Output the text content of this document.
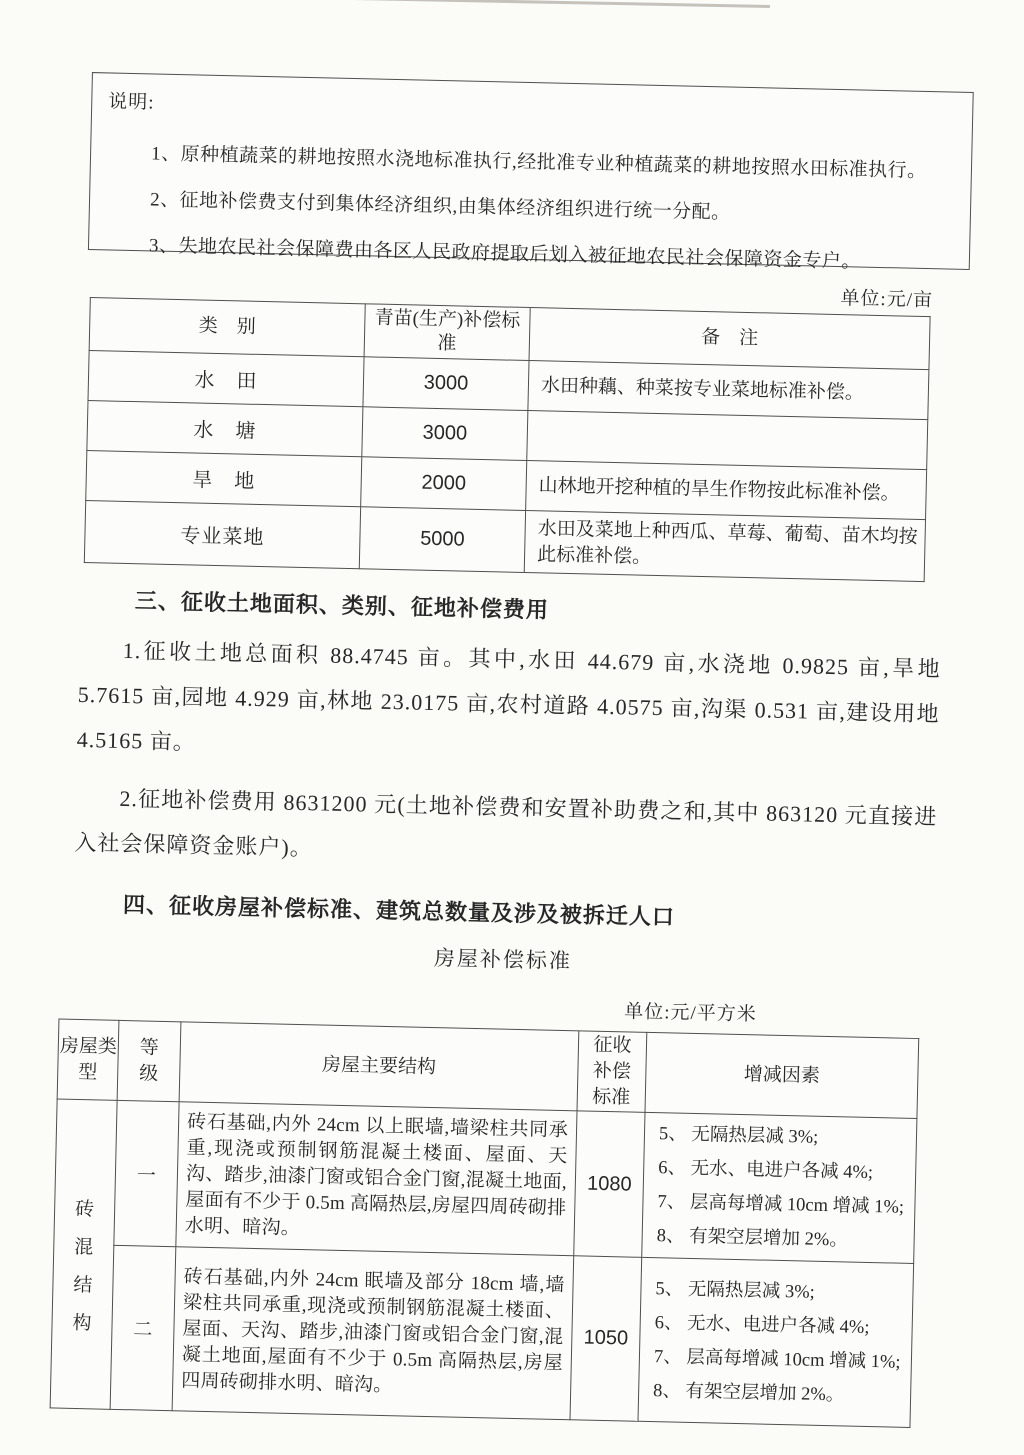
说明:
1、原种植蔬菜的耕地按照水浇地标准执行,经批准专业种植蔬菜的耕地按照水田标准执行。
2、征地补偿费支付到集体经济组织,由集体经济组织进行统一分配。
3、失地农民社会保障费由各区人民政府提取后划入被征地农民社会保障资金专户。
单位:元/亩
类　别	青苗(生产)补偿标准	备　注
水　田	3000	水田种藕、种菜按专业菜地标准补偿。
水　塘	3000	
旱　地	2000	山林地开挖种植的旱生作物按此标准补偿。
专业菜地	5000	水田及菜地上种西瓜、草莓、葡萄、苗木均按此标准补偿。
三、征收土地面积、类别、征地补偿费用
1.征收土地总面积 88.4745 亩。其中,水田 44.679 亩,水浇地 0.9825 亩,旱地 5.7615 亩,园地 4.929 亩,林地 23.0175 亩,农村道路 4.0575 亩,沟渠 0.531 亩,建设用地 4.5165 亩。
2.征地补偿费用 8631200 元(土地补偿费和安置补助费之和,其中 863120 元直接进入社会保障资金账户)。
四、征收房屋补偿标准、建筑总数量及涉及被拆迁人口
房屋补偿标准
单位:元/平方米
房屋类型	等级	房屋主要结构	征收补偿标准	增减因素
砖混结构	一	砖石基础,内外 24cm 以上眠墙,墙梁柱共同承重,现浇或预制钢筋混凝土楼面、屋面、天沟、踏步,油漆门窗或铝合金门窗,混凝土地面,屋面有不少于 0.5m 高隔热层,房屋四周砖砌排水明、暗沟。	1080	5、 无隔热层减 3%;
6、 无水、电进户各减 4%;
7、 层高每增减 10cm 增减 1%;
8、 有架空层增加 2%。

	二	砖石基础,内外 24cm 眠墙及部分 18cm 墙,墙梁柱共同承重,现浇或预制钢筋混凝土楼面、屋面、天沟、踏步,油漆门窗或铝合金门窗,混凝土地面,屋面有不少于 0.5m 高隔热层,房屋四周砖砌排水明、暗沟。	1050	5、 无隔热层减 3%;
6、 无水、电进户各减 4%;
7、 层高每增减 10cm 增减 1%;
8、 有架空层增加 2%。
